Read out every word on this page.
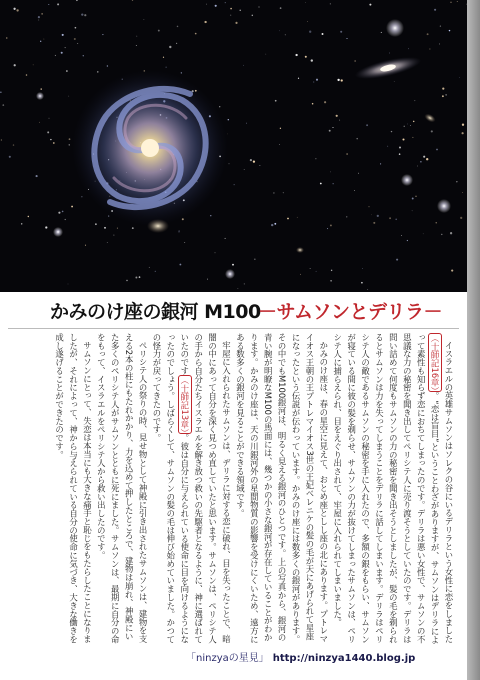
かみのけ座の銀河 M100
－サムソンとデリラ－

イスラエルの英雄サムソンはソレクの谷にいるデリラという女性に恋をしました（士師記16章）。“恋は盲目”ということわざがありますが、サムソンはデリラによって素性も知らず恋におちてしまったのです。デリラは悪い女性で、サムソンの不思議な力の秘密を聞き出してペリシテ人に売り渡そうとしていたのです。デリラは問い詰めて何度もサムソンの力の秘密を聞き出そうとしましたが、髪の毛を剃られるとサムソンは力を失ってしまうことをデリラに話してしまいます。デリラはペリシテ人の敵であるサムソンの秘密を手に入れたので、多額の銀をもらい、サムソンが寝ている間に彼の髪を剃らせ、サムソンの力が抜けてしまったサムソンは、ペリシテ人に捕らえられ、目をえぐり出されて、牢屋に入れられてしまいました。

かみのけ座は、春の星空に見えて、おとめ座としし座の北にあります。プトレマイオス王朝の王プトレマイオス3世の王妃ベレニケの髪の毛が天にあげられて星座になったという伝説が伝わっています。かみのけ座には数多くの銀河があります。その中でもM100銀河は、明るく見える銀河のひとつです。上の写真から、銀河の青い腕が明瞭なM100の馬面には、幾つかの小さな銀河が存在していることがわかります。かみのけ座は、天の川銀河外の星間物質の影響を受けにくいため、遠方にある数多くの銀河を見ることができる領域です。

牢屋に入れられたサムソンは、デリラに対する恋に破れ、目を失ったことで、暗闇の中にあって自分を深く見つめ直していたと思います。サムソンは、ペリシテ人の手から自分たちイスラエルを解き放つ救いの先駆者となるように、神に選ばれていたのです（士師記13章）。彼は自分に与えられている使命に目を向けるようになったのでしょう。しばらくして、サムソンの髪の毛は伸び始めていました。かつての怪力が戻ってきたのです。

ペリシテ人の祭りの時、見せ物として神殿に引き出されたサムソンは、建物を支える2本の柱にもたれかかり、力を込めて押したところで、建物は崩れ、神殿にいた多くのペリシテ人がサムソンとともに死にました。サムソンは、最期に自分の命をもって、イスラエルをペリシテ人から救い出したのです。

サムソンにとって、失恋は本当にも大きな痛手と恥じをもたらしたことになりましたが、それによって、神から与えられている自分の使命に気づき、大きな働きを成し遂げることができたのです。

「ninzyaの星見」 http://ninzya1440.blog.jp
